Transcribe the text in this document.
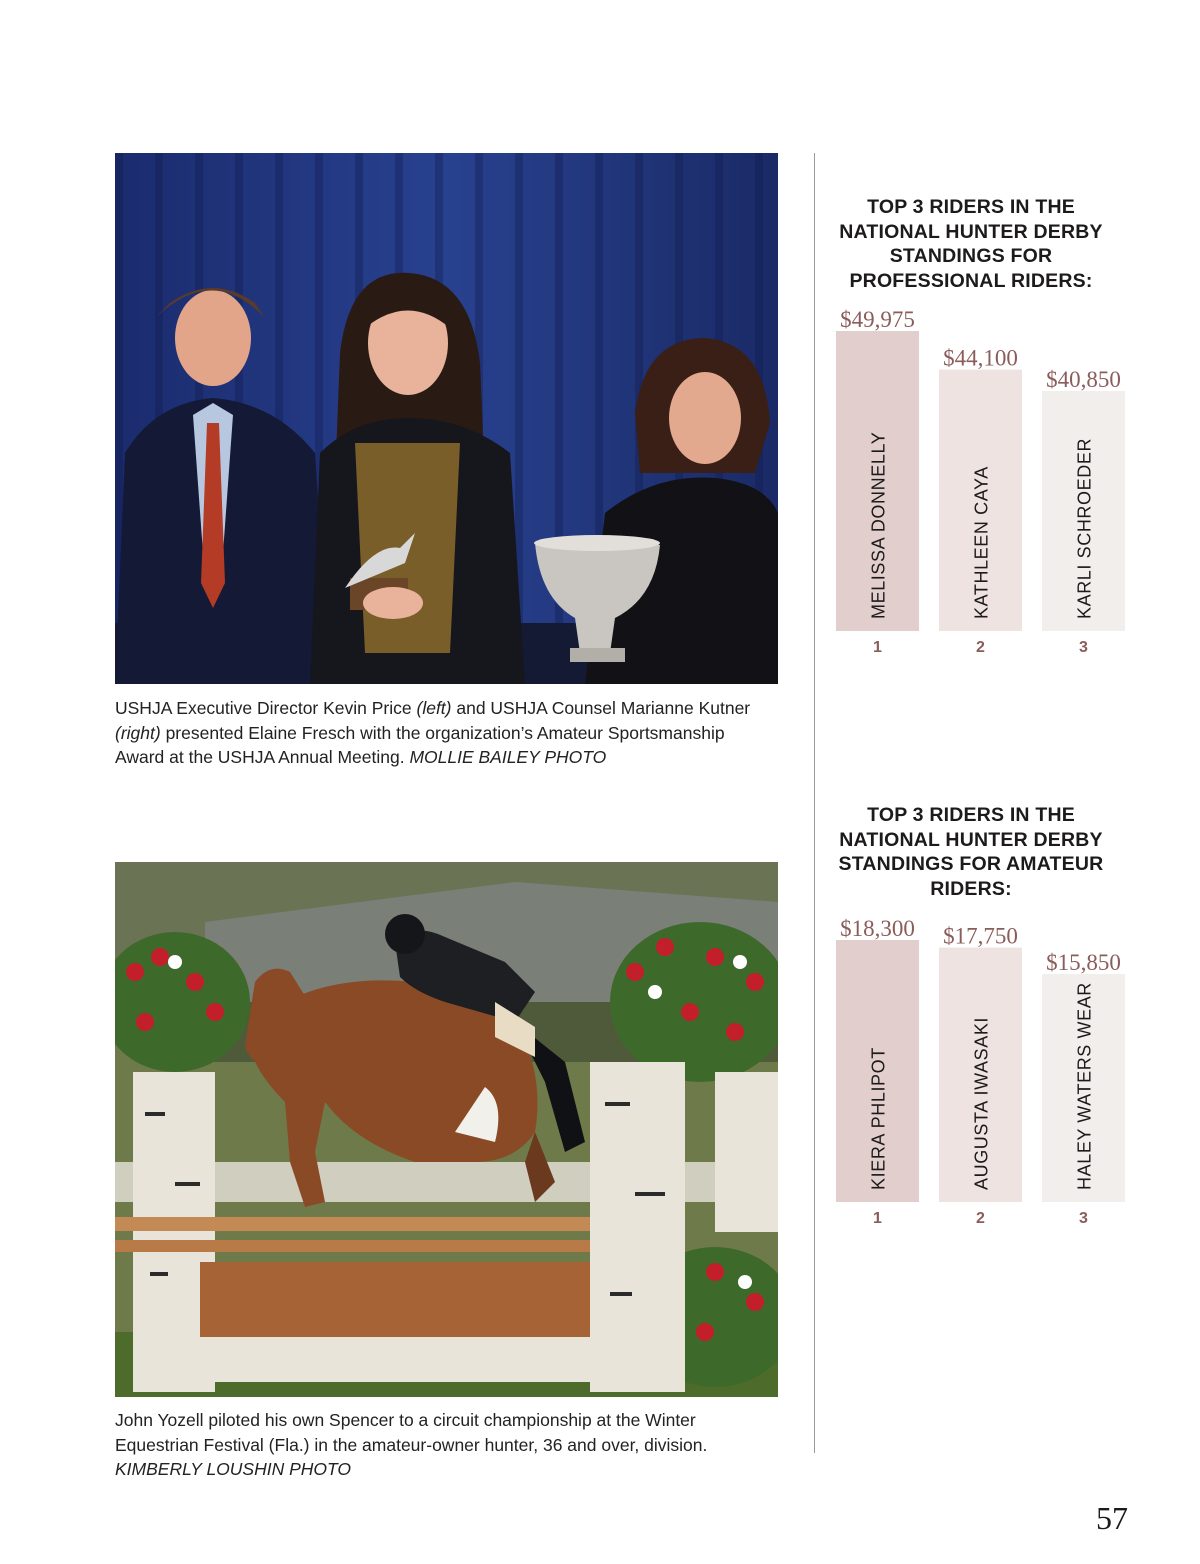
USHJA Executive Director Kevin Price (left) and USHJA Counsel Marianne Kutner (right) presented Elaine Fresch with the organization’s Amateur Sportsmanship Award at the USHJA Annual Meeting. MOLLIE BAILEY PHOTO

John Yozell piloted his own Spencer to a circuit championship at the Winter Equestrian Festival (Fla.) in the amateur-owner hunter, 36 and over, division. KIMBERLY LOUSHIN PHOTO

TOP 3 RIDERS IN THE NATIONAL HUNTER DERBY STANDINGS FOR PROFESSIONAL RIDERS:
$49,975
MELISSA DONNELLY
1
$44,100
KATHLEEN CAYA
2
$40,850
KARLI SCHROEDER
3
TOP 3 RIDERS IN THE NATIONAL HUNTER DERBY STANDINGS FOR AMATEUR RIDERS:
$18,300
KIERA PHLIPOT
1
$17,750
AUGUSTA IWASAKI
2
$15,850
HALEY WATERS WEAR
3
57
